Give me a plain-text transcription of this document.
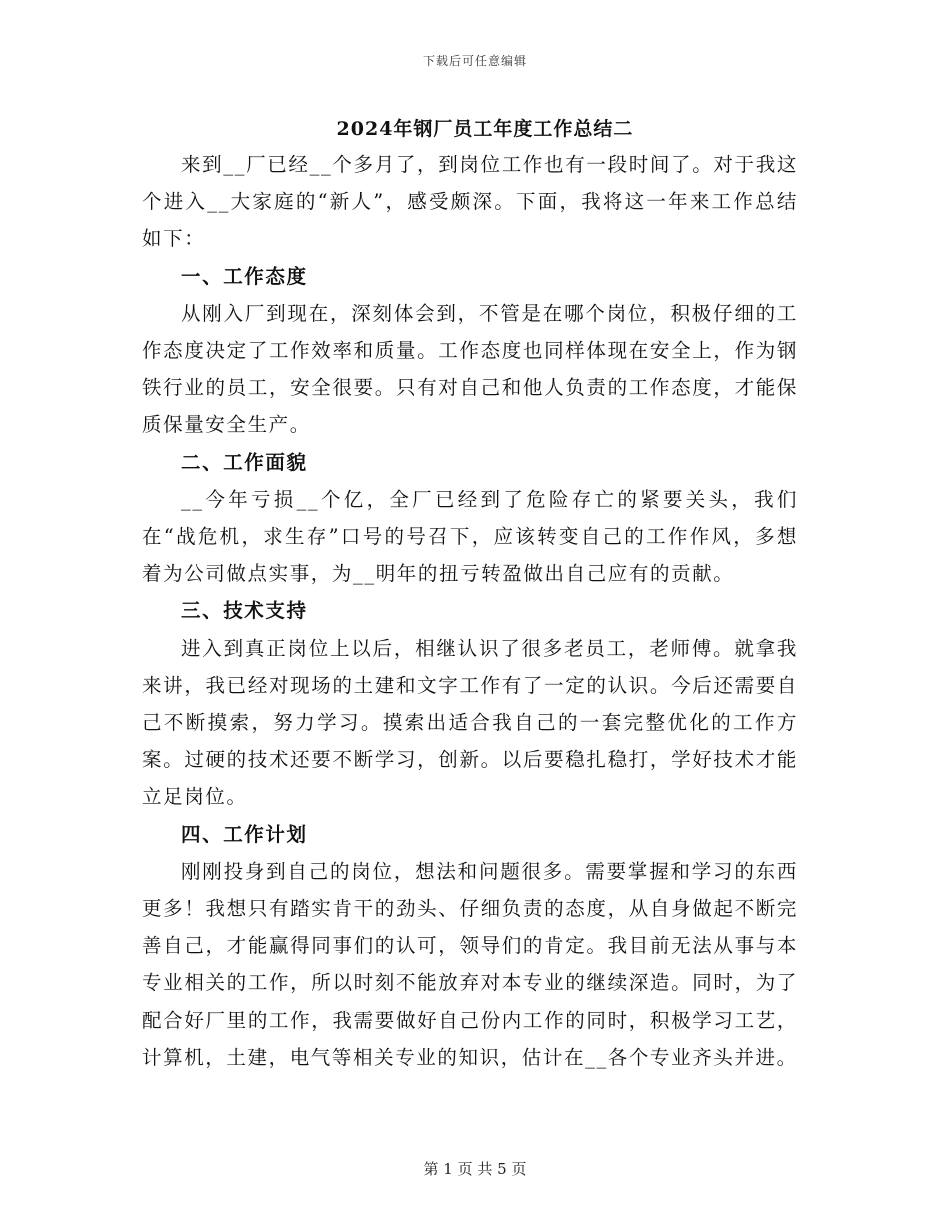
下载后可任意编辑
2024年钢厂员工年度工作总结二

来到__厂已经__个多月了，到岗位工作也有一段时间了。对于我这个进入__大家庭的“新人”，感受颇深。下面，我将这一年来工作总结如下：

一、工作态度

从刚入厂到现在，深刻体会到，不管是在哪个岗位，积极仔细的工作态度决定了工作效率和质量。工作态度也同样体现在安全上，作为钢铁行业的员工，安全很要。只有对自己和他人负责的工作态度，才能保质保量安全生产。

二、工作面貌

__今年亏损__个亿，全厂已经到了危险存亡的紧要关头，我们在“战危机，求生存”口号的号召下，应该转变自己的工作作风，多想着为公司做点实事，为__明年的扭亏转盈做出自己应有的贡献。

三、技术支持

进入到真正岗位上以后，相继认识了很多老员工，老师傅。就拿我来讲，我已经对现场的土建和文字工作有了一定的认识。今后还需要自己不断摸索，努力学习。摸索出适合我自己的一套完整优化的工作方案。过硬的技术还要不断学习，创新。以后要稳扎稳打，学好技术才能立足岗位。

四、工作计划

刚刚投身到自己的岗位，想法和问题很多。需要掌握和学习的东西更多！我想只有踏实肯干的劲头、仔细负责的态度，从自身做起不断完善自己，才能赢得同事们的认可，领导们的肯定。我目前无法从事与本专业相关的工作，所以时刻不能放弃对本专业的继续深造。同时，为了配合好厂里的工作，我需要做好自己份内工作的同时，积极学习工艺，计算机，土建，电气等相关专业的知识，估计在__各个专业齐头并进。

第 1 页 共 5 页
